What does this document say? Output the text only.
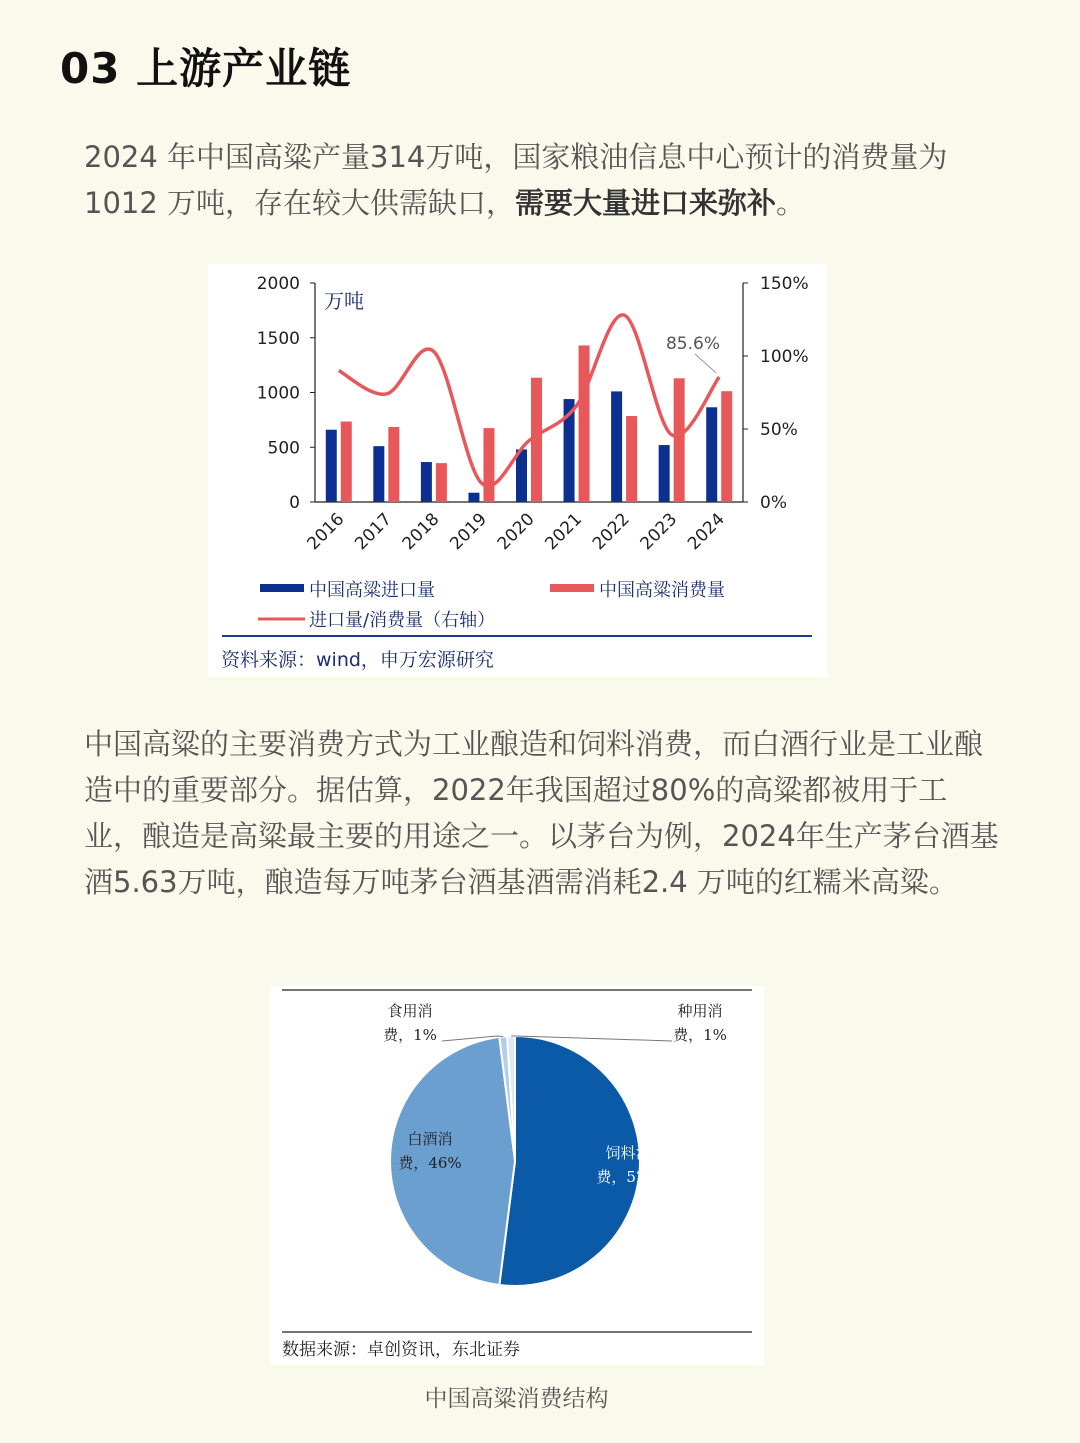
03 上游产业链

2024 年中国高粱产量314万吨，国家粮油信息中心预计的消费量为1012 万吨，存在较大供需缺口，需要大量进口来弥补。

0
500
1000
1500
2000
0%
50%
100%
150%
万吨
85.6%
2016 2017 2018 2019 2020 2021 2022 2023 2024
中国高粱进口量	中国高粱消费量
进口量/消费量（右轴）
资料来源：wind，申万宏源研究

中国高粱的主要消费方式为工业酿造和饲料消费，而白酒行业是工业酿造中的重要部分。据估算，2022年我国超过80%的高粱都被用于工业，酿造是高粱最主要的用途之一。以茅台为例，2024年生产茅台酒基酒5.63万吨，酿造每万吨茅台酒基酒需消耗2.4 万吨的红糯米高粱。

饲料消
费，52%
白酒消
费，46%
食用消
费，1%
种用消
费，1%
数据来源：卓创资讯，东北证券
中国高粱消费结构
